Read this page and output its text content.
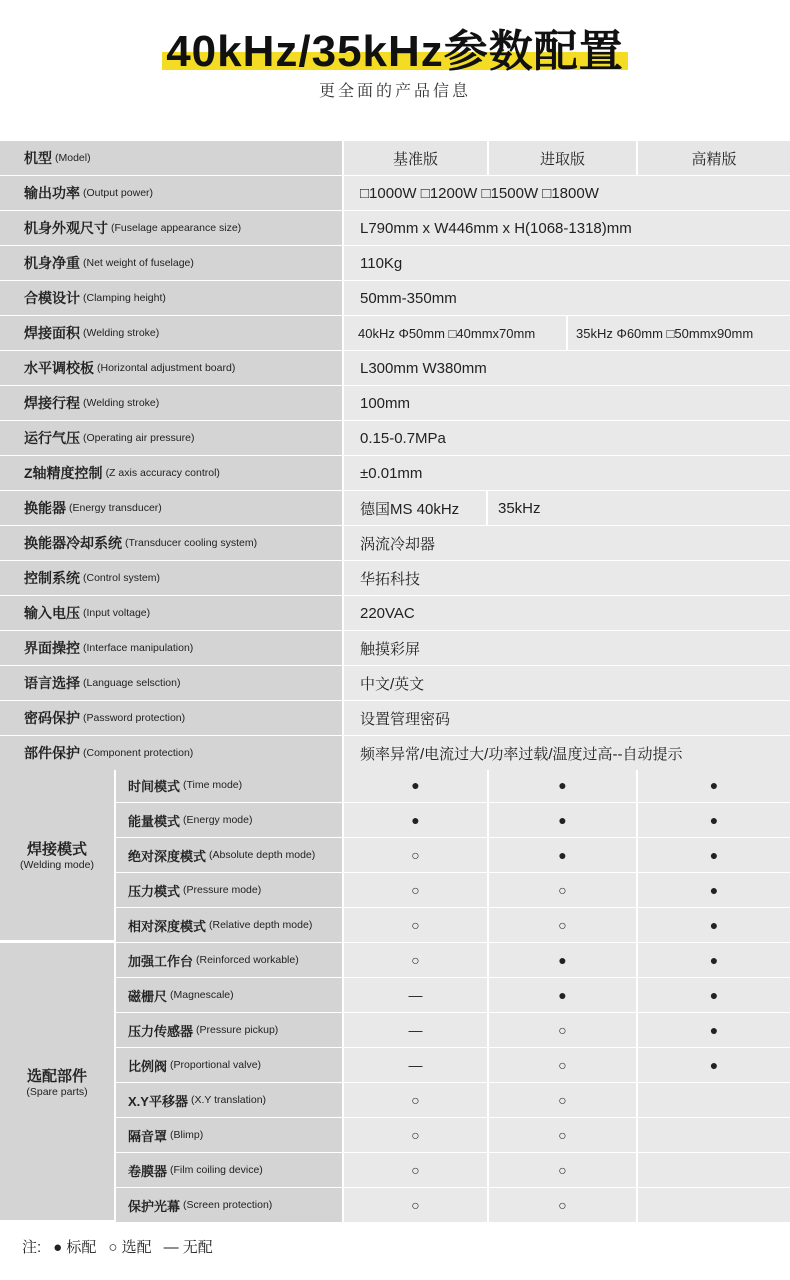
40kHz/35kHz参数配置
更全面的产品信息
机型 (Model)	基准版	进取版	高精版
输出功率 (Output power)	□1000W □1200W □1500W □1800W
机身外观尺寸 (Fuselage appearance size)	L790mm x W446mm x H(1068-1318)mm
机身净重 (Net weight of fuselage)	110Kg
合模设计 (Clamping height)	50mm-350mm
焊接面积 (Welding stroke)	40kHz Φ50mm □40mmx70mm	35kHz Φ60mm □50mmx90mm
水平调校板 (Horizontal adjustment board)	L300mm W380mm
焊接行程 (Welding stroke)	100mm
运行气压 (Operating air pressure)	0.15-0.7MPa
Z轴精度控制 (Z axis accuracy control)	±0.01mm
换能器 (Energy transducer)	德国MS 40kHz	35kHz
换能器冷却系统 (Transducer cooling system)	涡流冷却器
控制系统 (Control system)	华拓科技
输入电压 (Input voltage)	220VAC
界面操控 (Interface manipulation)	触摸彩屏
语言选择 (Language selsction)	中文/英文
密码保护 (Password protection)	设置管理密码
部件保护 (Component protection)	频率异常/电流过大/功率过载/温度过高--自动提示
焊接模式
(Welding mode)
时间模式 (Time mode)	●	●	●
能量模式 (Energy mode)	●	●	●
绝对深度模式 (Absolute depth mode)	○	●	●
压力模式 (Pressure mode)	○	○	●
相对深度模式 (Relative depth mode)	○	○	●
选配部件
(Spare parts)
加强工作台 (Reinforced workable)	○	●	●
磁栅尺 (Magnescale)	—	●	●
压力传感器 (Pressure pickup)	—	○	●
比例阀 (Proportional valve)	—	○	●
X.Y平移器 (X.Y translation)	○	○
隔音罩 (Blimp)	○	○
卷膜器 (Film coiling device)	○	○
保护光幕 (Screen protection)	○	○
注: ● 标配 ○ 选配 — 无配
